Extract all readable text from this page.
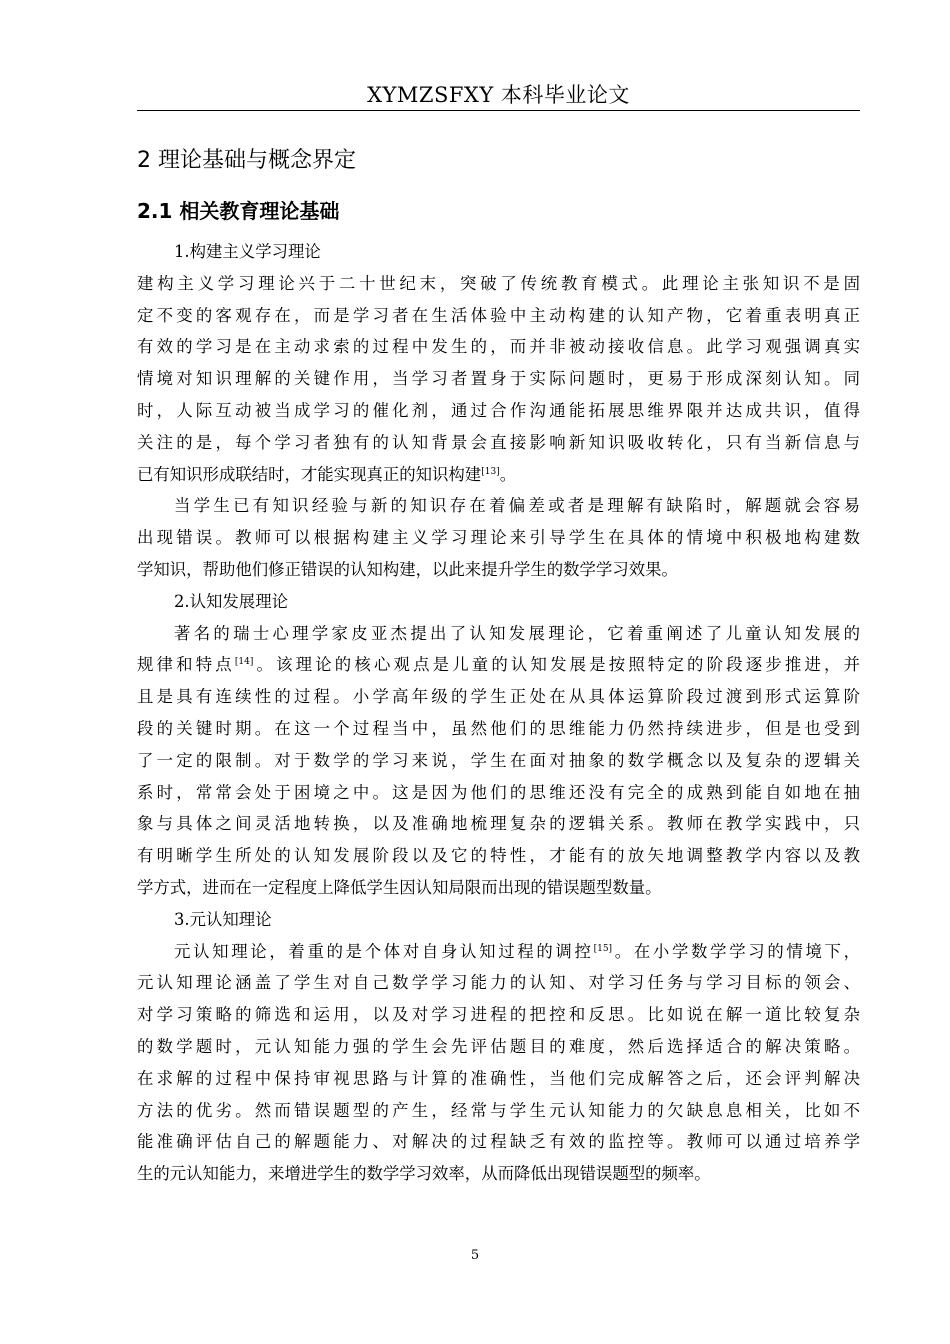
XYMZSFXY 本科毕业论文
2 理论基础与概念界定
2.1 相关教育理论基础
1.构建主义学习理论
建构主义学习理论兴于二十世纪末，突破了传统教育模式。此理论主张知识不是固
定不变的客观存在，而是学习者在生活体验中主动构建的认知产物，它着重表明真正
有效的学习是在主动求索的过程中发生的，而并非被动接收信息。此学习观强调真实
情境对知识理解的关键作用，当学习者置身于实际问题时，更易于形成深刻认知。同
时，人际互动被当成学习的催化剂，通过合作沟通能拓展思维界限并达成共识，值得
关注的是，每个学习者独有的认知背景会直接影响新知识吸收转化，只有当新信息与
已有知识形成联结时，才能实现真正的知识构建[13]。
当学生已有知识经验与新的知识存在着偏差或者是理解有缺陷时，解题就会容易
出现错误。教师可以根据构建主义学习理论来引导学生在具体的情境中积极地构建数
学知识，帮助他们修正错误的认知构建，以此来提升学生的数学学习效果。
2.认知发展理论
著名的瑞士心理学家皮亚杰提出了认知发展理论，它着重阐述了儿童认知发展的
规律和特点[14]。该理论的核心观点是儿童的认知发展是按照特定的阶段逐步推进，并
且是具有连续性的过程。小学高年级的学生正处在从具体运算阶段过渡到形式运算阶
段的关键时期。在这一个过程当中，虽然他们的思维能力仍然持续进步，但是也受到
了一定的限制。对于数学的学习来说，学生在面对抽象的数学概念以及复杂的逻辑关
系时，常常会处于困境之中。这是因为他们的思维还没有完全的成熟到能自如地在抽
象与具体之间灵活地转换，以及准确地梳理复杂的逻辑关系。教师在教学实践中，只
有明晰学生所处的认知发展阶段以及它的特性，才能有的放矢地调整教学内容以及教
学方式，进而在一定程度上降低学生因认知局限而出现的错误题型数量。
3.元认知理论
元认知理论，着重的是个体对自身认知过程的调控[15]。在小学数学学习的情境下，
元认知理论涵盖了学生对自己数学学习能力的认知、对学习任务与学习目标的领会、
对学习策略的筛选和运用，以及对学习进程的把控和反思。比如说在解一道比较复杂
的数学题时，元认知能力强的学生会先评估题目的难度，然后选择适合的解决策略。
在求解的过程中保持审视思路与计算的准确性，当他们完成解答之后，还会评判解决
方法的优劣。然而错误题型的产生，经常与学生元认知能力的欠缺息息相关，比如不
能准确评估自己的解题能力、对解决的过程缺乏有效的监控等。教师可以通过培养学
生的元认知能力，来增进学生的数学学习效率，从而降低出现错误题型的频率。
5
